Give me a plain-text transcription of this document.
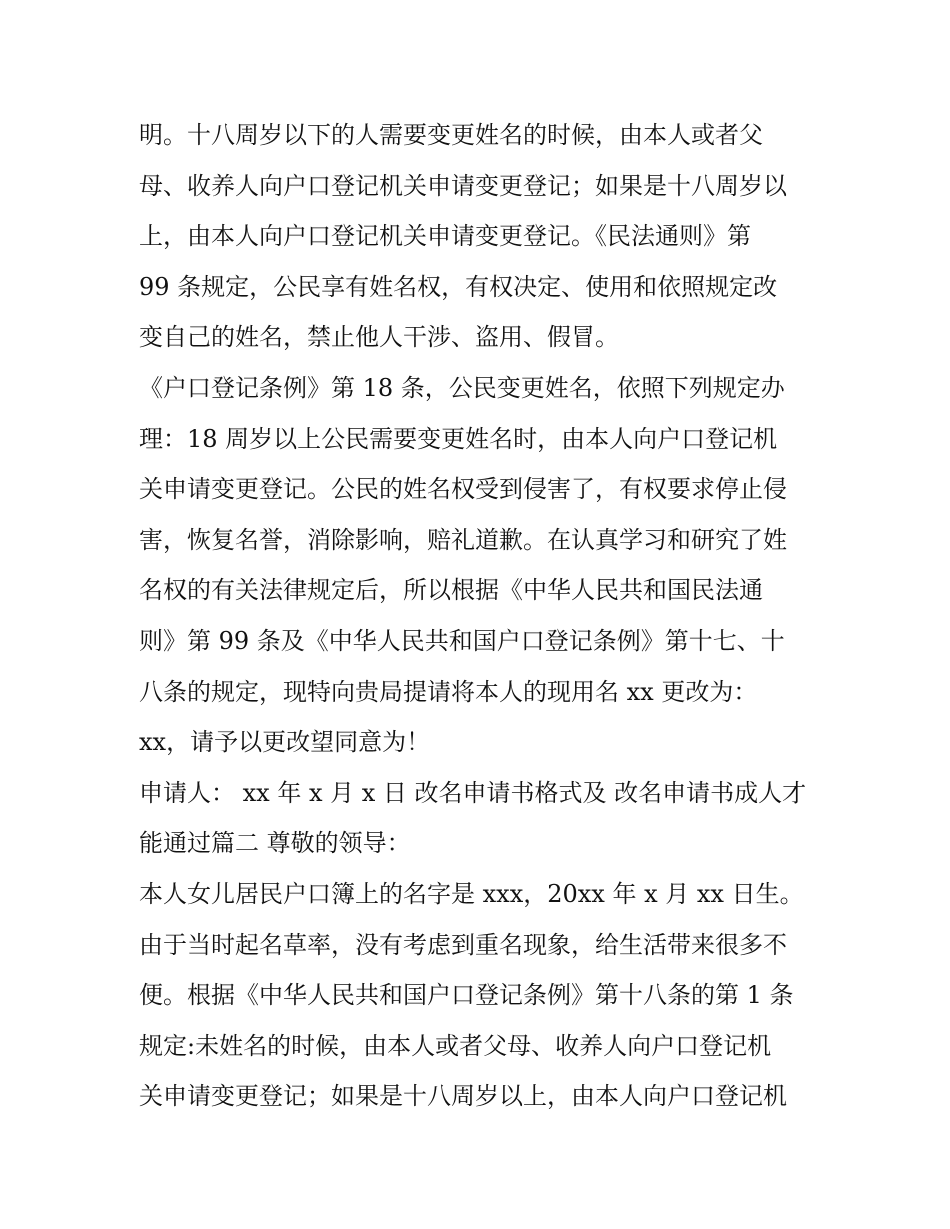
明。十八周岁以下的人需要变更姓名的时候，由本人或者父
母、收养人向户口登记机关申请变更登记；如果是十八周岁以
上，由本人向户口登记机关申请变更登记。《民法通则》第
99 条规定，公民享有姓名权，有权决定、使用和依照规定改
变自己的姓名，禁止他人干涉、盗用、假冒。
《户口登记条例》第 18 条，公民变更姓名，依照下列规定办
理：18 周岁以上公民需要变更姓名时，由本人向户口登记机
关申请变更登记。公民的姓名权受到侵害了，有权要求停止侵
害，恢复名誉，消除影响，赔礼道歉。在认真学习和研究了姓
名权的有关法律规定后，所以根据《中华人民共和国民法通
则》第 99 条及《中华人民共和国户口登记条例》第十七、十
八条的规定，现特向贵局提请将本人的现用名 xx 更改为：
xx，请予以更改望同意为！
申请人： xx 年 x 月 x 日 改名申请书格式及 改名申请书成人才
能通过篇二 尊敬的领导：
本人女儿居民户口簿上的名字是 xxx，20xx 年 x 月 xx 日生。
由于当时起名草率，没有考虑到重名现象，给生活带来很多不
便。根据《中华人民共和国户口登记条例》第十八条的第 1 条
规定:未姓名的时候，由本人或者父母、收养人向户口登记机
关申请变更登记；如果是十八周岁以上，由本人向户口登记机
